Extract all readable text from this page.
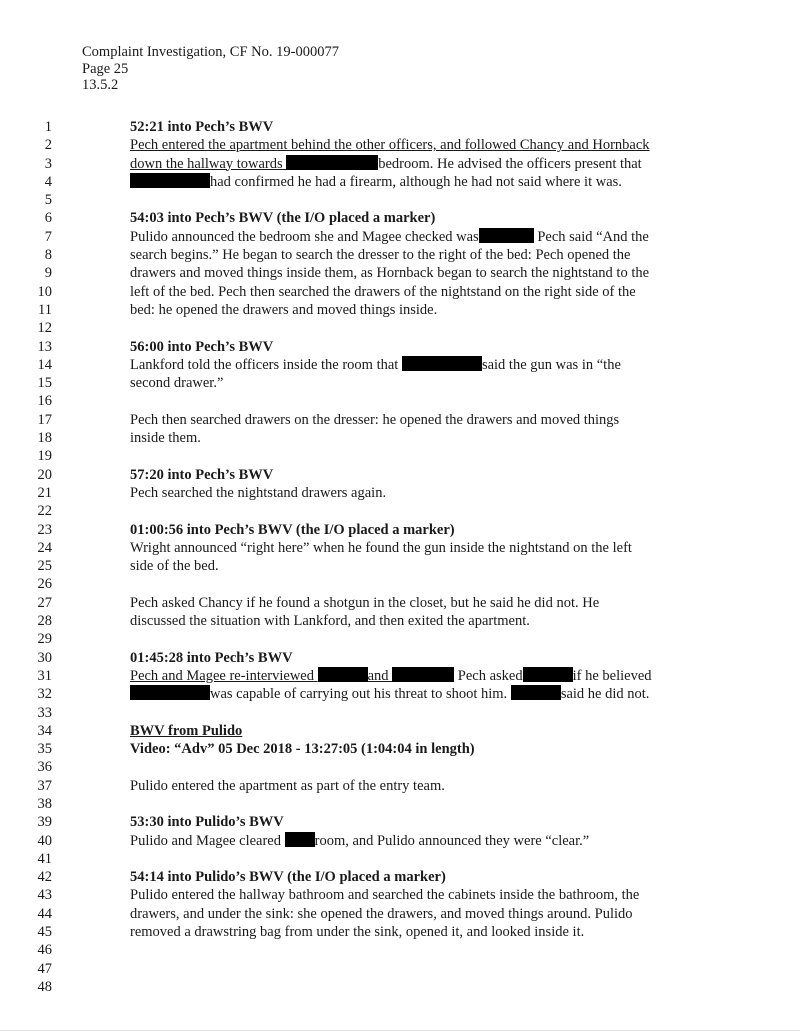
Complaint Investigation, CF No. 19-000077
Page 25
13.5.2
1	52:21 into Pech’s BWV
2	Pech entered the apartment behind the other officers, and followed Chancy and Hornback
3	down the hallway towards	bedroom. He advised the officers present that
4	had confirmed he had a firearm, although he had not said where it was.
5
6	54:03 into Pech’s BWV (the I/O placed a marker)
7	Pulido announced the bedroom she and Magee checked was	Pech said “And the
8	search begins.” He began to search the dresser to the right of the bed: Pech opened the
9	drawers and moved things inside them, as Hornback began to search the nightstand to the
10	left of the bed. Pech then searched the drawers of the nightstand on the right side of the
11	bed: he opened the drawers and moved things inside.
12
13	56:00 into Pech’s BWV
14	Lankford told the officers inside the room that	said the gun was in “the
15	second drawer.”
16
17	Pech then searched drawers on the dresser: he opened the drawers and moved things
18	inside them.
19
20	57:20 into Pech’s BWV
21	Pech searched the nightstand drawers again.
22
23	01:00:56 into Pech’s BWV (the I/O placed a marker)
24	Wright announced “right here” when he found the gun inside the nightstand on the left
25	side of the bed.
26
27	Pech asked Chancy if he found a shotgun in the closet, but he said he did not. He
28	discussed the situation with Lankford, and then exited the apartment.
29
30	01:45:28 into Pech’s BWV
31	Pech and Magee re-interviewed	and	Pech asked	if he believed
32	was capable of carrying out his threat to shoot him.	said he did not.
33
34	BWV from Pulido
35	Video: “Adv” 05 Dec 2018 - 13:27:05 (1:04:04 in length)
36
37	Pulido entered the apartment as part of the entry team.
38
39	53:30 into Pulido’s BWV
40	Pulido and Magee cleared room, and Pulido announced they were “clear.”
41
42	54:14 into Pulido’s BWV (the I/O placed a marker)
43	Pulido entered the hallway bathroom and searched the cabinets inside the bathroom, the
44	drawers, and under the sink: she opened the drawers, and moved things around. Pulido
45	removed a drawstring bag from under the sink, opened it, and looked inside it.
46
47
48
